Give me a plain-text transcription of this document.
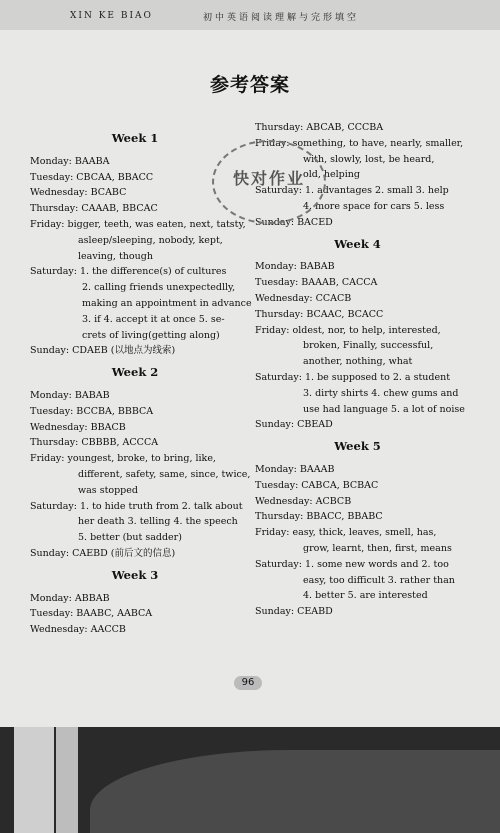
XIN KE BIAO	初中英语阅读理解与完形填空
参考答案
Week 1
Monday: BAABA
Tuesday: CBCAA, BBACC
Wednesday: BCABC
Thursday: CAAAB, BBCAC
Friday: bigger, teeth, was eaten, next, tatsty,
asleep/sleeping, nobody, kept,
leaving, though
Saturday: 1. the difference(s) of cultures
2. calling friends unexpectedlly,
making an appointment in advance
3. if 4. accept it at once 5. se-
crets of living(getting along)
Sunday: CDAEB (以地点为线索)
Week 2
Monday: BABAB
Tuesday: BCCBA, BBBCA
Wednesday: BBACB
Thursday: CBBBB, ACCCA
Friday: youngest, broke, to bring, like,
different, safety, same, since, twice,
was stopped
Saturday: 1. to hide truth from 2. talk about
her death 3. telling 4. the speech
5. better (but sadder)
Sunday: CAEBD (前后文的信息)
Week 3
Monday: ABBAB
Tuesday: BAABC, AABCA
Wednesday: AACCB
Thursday: ABCAB, CCCBA
Friday: something, to have, nearly, smaller,
with, slowly, lost, be heard,
old, helping
Saturday: 1. advantages 2. small 3. help
4. more space for cars 5. less
Sunday: BACED
Week 4
Monday: BABAB
Tuesday: BAAAB, CACCA
Wednesday: CCACB
Thursday: BCAAC, BCACC
Friday: oldest, nor, to help, interested,
broken, Finally, successful,
another, nothing, what
Saturday: 1. be supposed to 2. a student
3. dirty shirts 4. chew gums and
use had language 5. a lot of noise
Sunday: CBEAD
Week 5
Monday: BAAAB
Tuesday: CABCA, BCBAC
Wednesday: ACBCB
Thursday: BBACC, BBABC
Friday: easy, thick, leaves, smell, has,
grow, learnt, then, first, means
Saturday: 1. some new words and 2. too
easy, too difficult 3. rather than
4. better 5. are interested
Sunday: CEABD
快对作业
96
